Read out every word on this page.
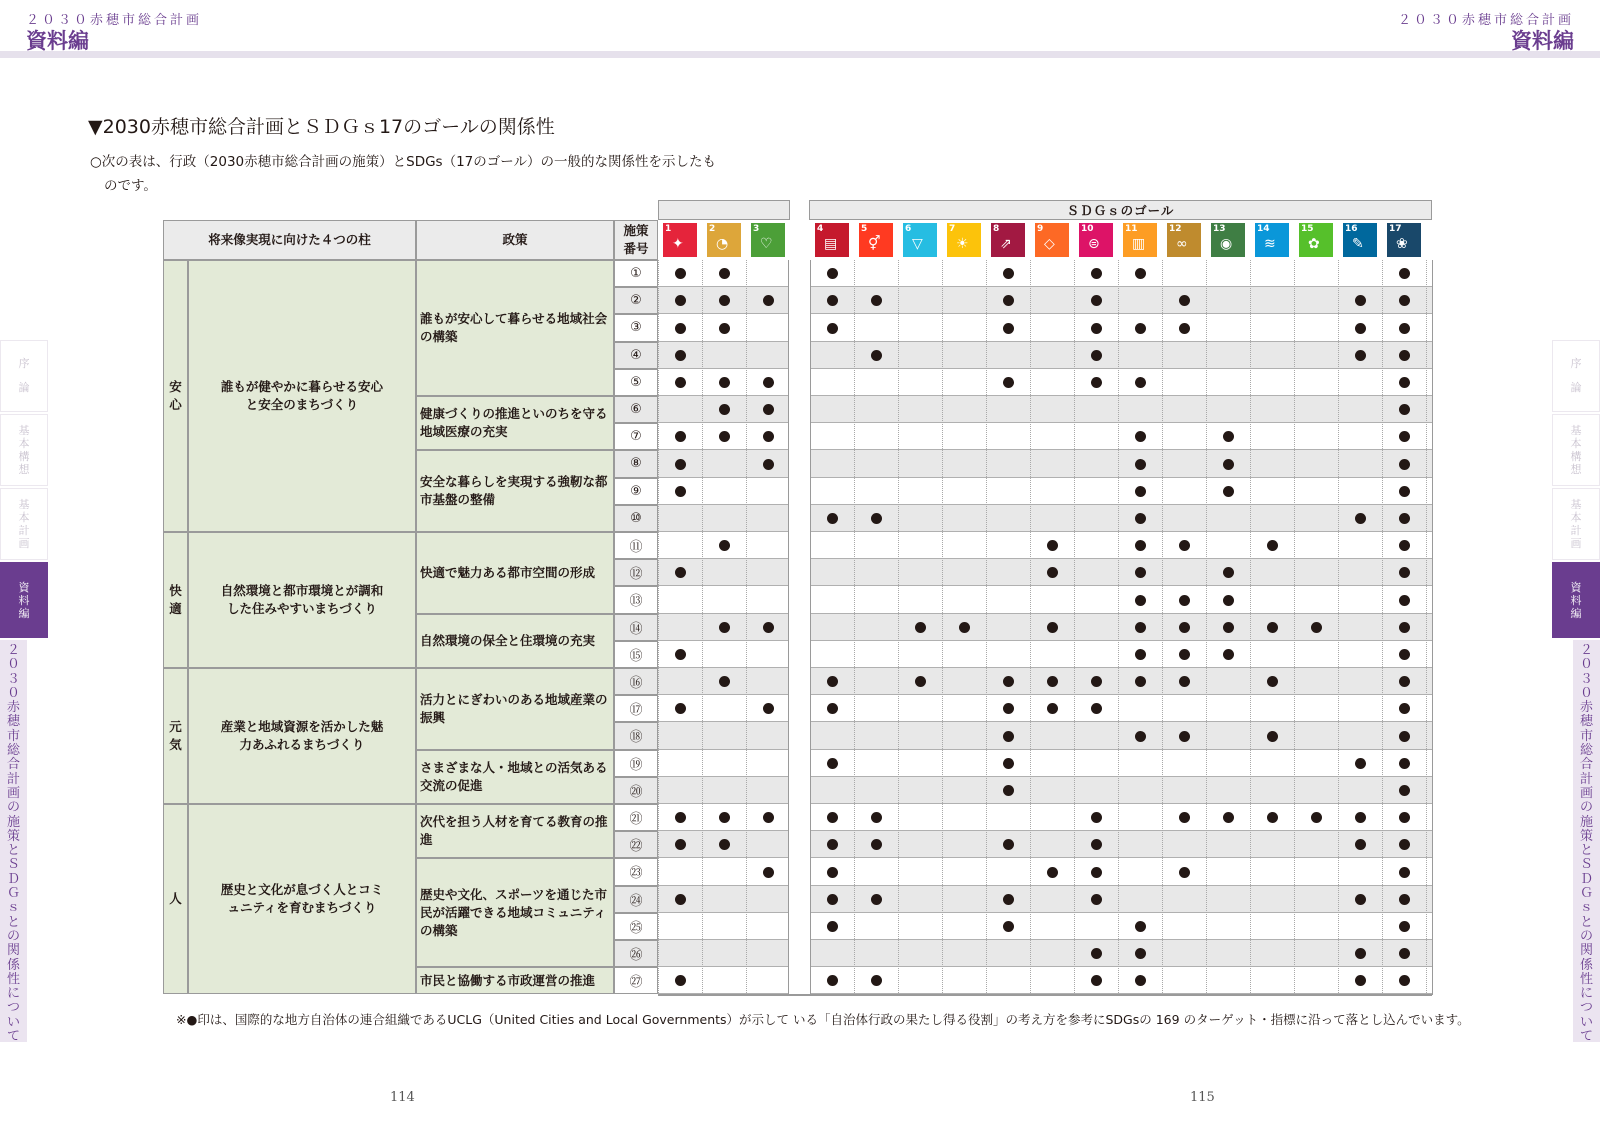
２０３０赤穂市総合計画
資料編
２０３０赤穂市総合計画
資料編
序論
基本構想
基本計画
資料編
２０３０赤穂市総合計画の施策とＳＤＧｓとの関係性について
序論
基本構想
基本計画
資料編
２０３０赤穂市総合計画の施策とＳＤＧｓとの関係性について
▼2030赤穂市総合計画とＳＤＧｓ17のゴールの関係性
○次の表は、行政（2030赤穂市総合計画の施策）とSDGs（17のゴール）の一般的な関係性を示したも
のです。
ＳＤＧｓのゴール
将来像実現に向けた４つの柱	政策
施策番号
1
✦
2
◔
3
♡
4
▤
5
⚥
6
▽
7
☀
8
⇗
9
◇
10
⊜
11
▥
12
∞
13
◉
14
≋
15
✿
16
✎
17
❀
①
②
③
④
⑤
⑥
⑦
⑧
⑨
⑩
⑪
⑫
⑬
⑭
⑮
⑯
⑰
⑱
⑲
⑳
㉑
㉒
㉓
㉔
㉕
㉖
㉗
安心
誰もが健やかに暮らせる安心と安全のまちづくり
快適
自然環境と都市環境とが調和した住みやすいまちづくり
元気
産業と地域資源を活かした魅力あふれるまちづくり
人
歴史と文化が息づく人とコミュニティを育むまちづくり
誰もが安心して暮らせる地域社会の構築
健康づくりの推進といのちを守る地域医療の充実
安全な暮らしを実現する強靭な都市基盤の整備
快適で魅力ある都市空間の形成
自然環境の保全と住環境の充実
活力とにぎわいのある地域産業の振興
さまざまな人・地域との活気ある交流の促進
次代を担う人材を育てる教育の推進
歴史や文化、スポーツを通じた市民が活躍できる地域コミュニティの構築
市民と協働する市政運営の推進
※●印は、国際的な地方自治体の連合組織であるUCLG（United Cities and Local Governments）が示して いる「自治体行政の果たし得る役割」の考え方を参考にSDGsの 169 のターゲット・指標に沿って落とし込んでいます。
114	115
